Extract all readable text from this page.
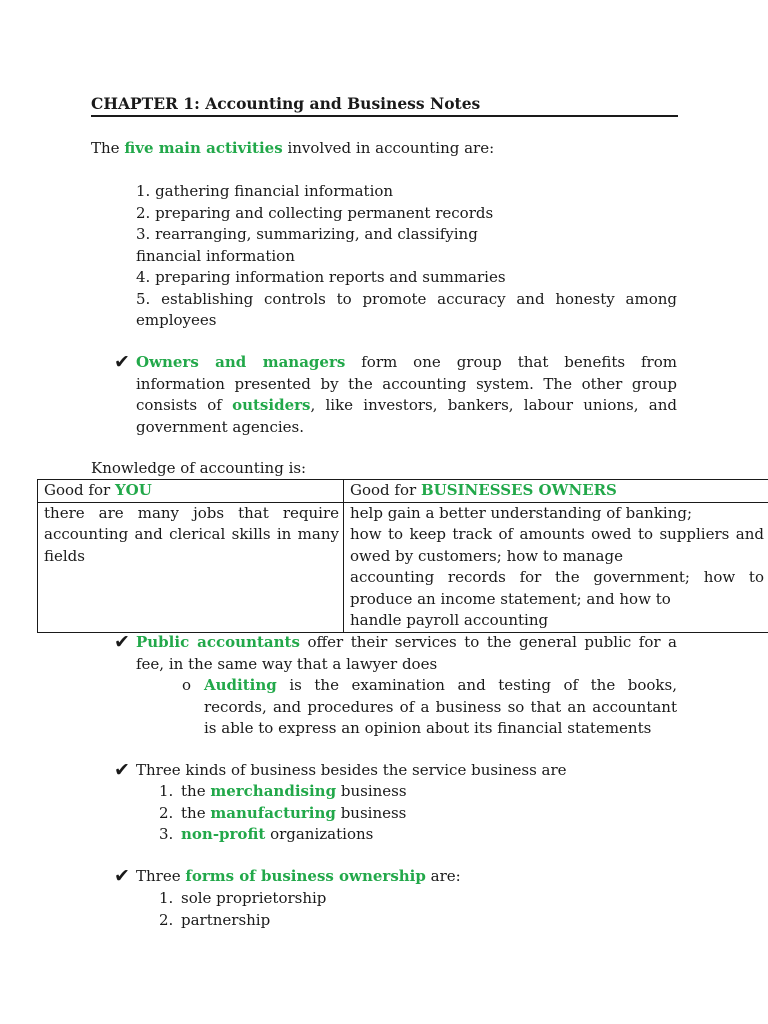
CHAPTER 1: Accounting and Business Notes
The five main activities involved in accounting are:
1. gathering financial information
2. preparing and collecting permanent records
3. rearranging, summarizing, and classifying
financial information
4. preparing information reports and summaries
5. establishing controls to promote accuracy and honesty among employees
✔ Owners and managers form one group that benefits from information presented by the accounting system. The other group consists of outsiders, like investors, bankers, labour unions, and government agencies.
Knowledge of accounting is:
Good for YOU	Good for BUSINESSES OWNERS
there are many jobs that require accounting and clerical skills in many fields	help gain a better understanding of banking;
how to keep track of amounts owed to suppliers and owed by customers; how to manage
accounting records for the government; how to produce an income statement; and how to
handle payroll accounting
✔ Public accountants offer their services to the general public for a fee, in the same way that a lawyer does
o Auditing is the examination and testing of the books, records, and procedures of a business so that an accountant is able to express an opinion about its financial statements
✔ Three kinds of business besides the service business are
1. the merchandising business
2. the manufacturing business
3. non-profit organizations
✔ Three forms of business ownership are:
1. sole proprietorship
2. partnership
